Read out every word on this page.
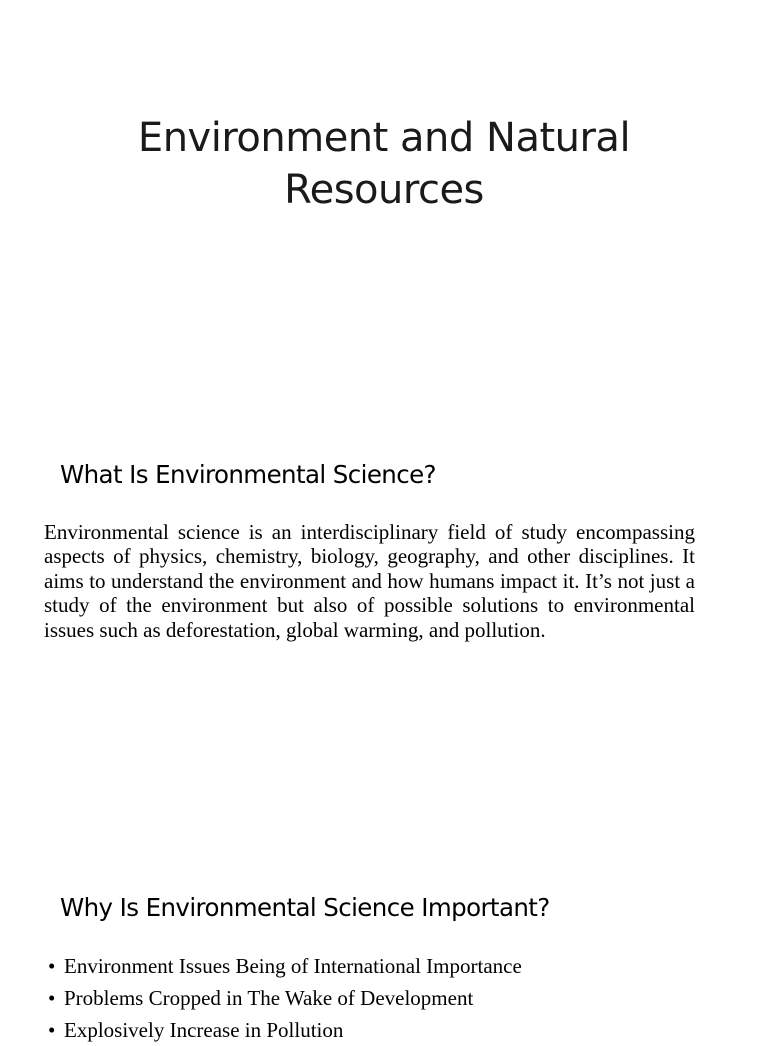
Environment and Natural Resources
What Is Environmental Science?

Environmental science is an interdisciplinary field of study encompassing aspects of physics, chemistry, biology, geography, and other disciplines. It aims to understand the environment and how humans impact it. It’s not just a study of the environment but also of possible solutions to environmental issues such as deforestation, global warming, and pollution.

Why Is Environmental Science Important?
• Environment Issues Being of International Importance
• Problems Cropped in The Wake of Development
• Explosively Increase in Pollution
